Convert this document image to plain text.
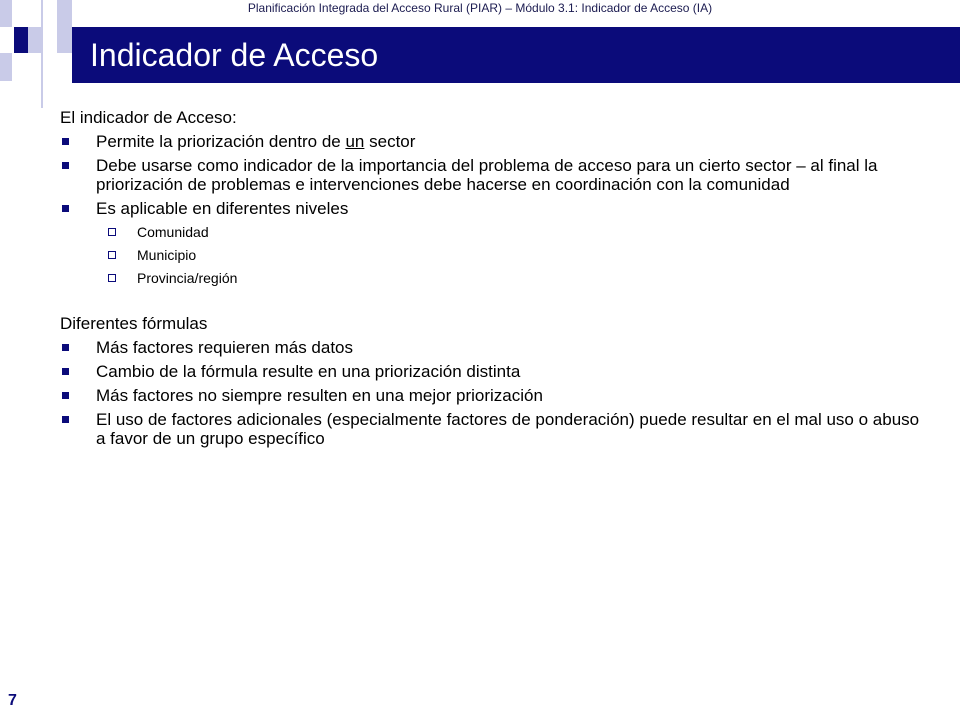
Planificación Integrada del Acceso Rural (PIAR) – Módulo 3.1: Indicador de Acceso (IA)
Indicador de Acceso
El indicador de Acceso:
Permite la priorización dentro de un sector
Debe usarse como indicador de la importancia del problema de acceso para un cierto sector – al final la priorización de problemas e intervenciones debe hacerse en coordinación con la comunidad
Es aplicable en diferentes niveles
Comunidad
Municipio
Provincia/región
Diferentes fórmulas
Más factores requieren más datos
Cambio de la fórmula resulte en una priorización distinta
Más factores no siempre resulten en una mejor priorización
El uso de factores adicionales (especialmente factores de ponderación) puede resultar en el mal uso o abuso a favor de un grupo específico
7
